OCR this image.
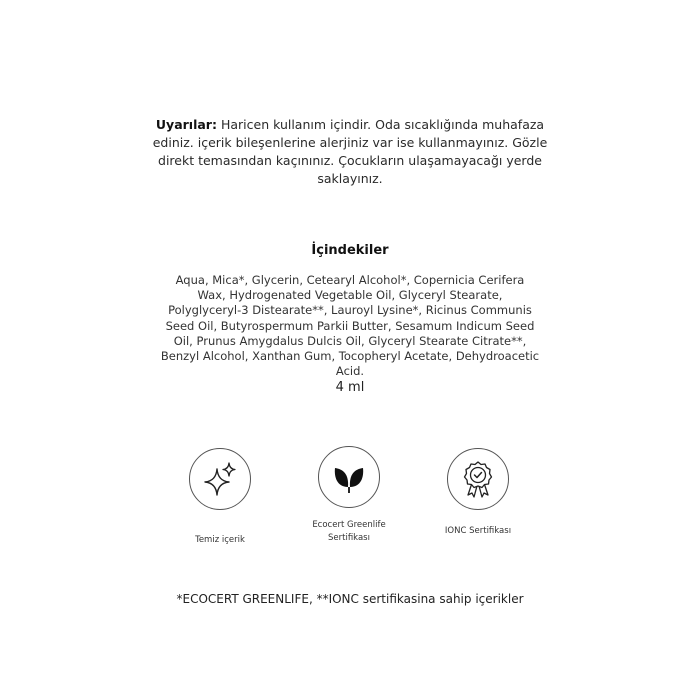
Uyarılar: Haricen kullanım içindir. Oda sıcaklığında muhafaza ediniz. içerik bileşenlerine alerjiniz var ise kullanmayınız. Gözle direkt temasından kaçınınız. Çocukların ulaşamayacağı yerde saklayınız.
İçindekiler
Aqua, Mica*, Glycerin, Cetearyl Alcohol*, Copernicia Cerifera Wax, Hydrogenated Vegetable Oil, Glyceryl Stearate, Polyglyceryl-3 Distearate**, Lauroyl Lysine*, Ricinus Communis Seed Oil, Butyrospermum Parkii Butter, Sesamum Indicum Seed Oil, Prunus Amygdalus Dulcis Oil, Glyceryl Stearate Citrate**, Benzyl Alcohol, Xanthan Gum, Tocopheryl Acetate, Dehydroacetic Acid.
4 ml
Temiz içerik
Ecocert Greenlife
Sertifikası
IONC Sertifikası
*ECOCERT GREENLIFE, **IONC sertifikasina sahip içerikler
